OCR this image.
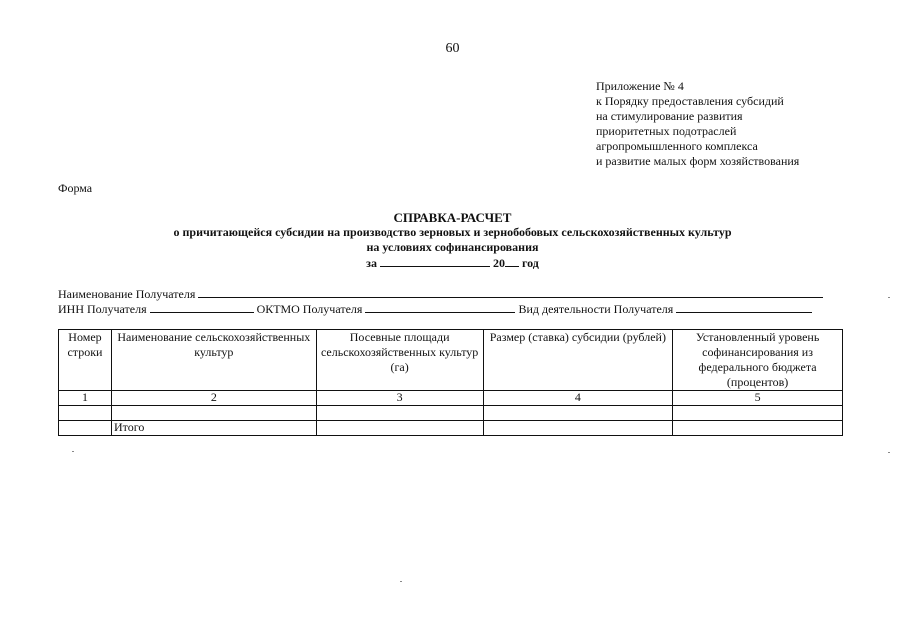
60
Приложение № 4
к Порядку предоставления субсидий
на стимулирование развития
приоритетных подотраслей
агропромышленного комплекса
и развитие малых форм хозяйствования
Форма
СПРАВКА-РАСЧЕТ
о причитающейся субсидии на производство зерновых и зернобобовых сельскохозяйственных культур
на условиях софинансирования
за	20 год
Наименование Получателя
ИНН Получателя	ОКТМО Получателя	Вид деятельности Получателя
Номер строки	Наименование сельскохозяйственных культур	Посевные площади сельскохозяйственных культур (га)	Размер (ставка) субсидии (рублей)	Установленный уровень софинансирования из федерального бюджета (процентов)
1	2	3	4	5

	Итого			
